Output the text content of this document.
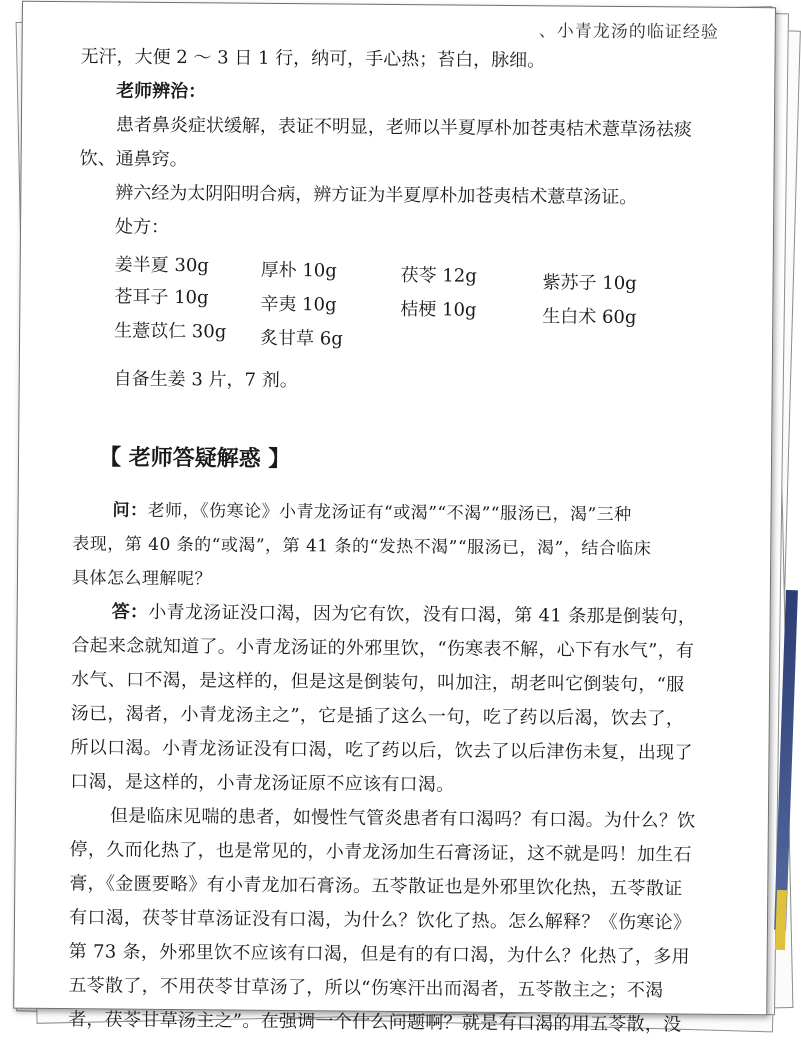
、小青龙汤的临证经验
无汗，大便 2 ～ 3 日 1 行，纳可，手心热；苔白，脉细。
老师辨治：
患者鼻炎症状缓解，表证不明显，老师以半夏厚朴加苍夷桔术薏草汤祛痰
饮、通鼻窍。
辨六经为太阴阳明合病，辨方证为半夏厚朴加苍夷桔术薏草汤证。
处方：
姜半夏 30g	厚朴 10g	茯苓 12g	紫苏子 10g
苍耳子 10g	辛夷 10g	桔梗 10g	生白术 60g
生薏苡仁 30g 炙甘草 6g
自备生姜 3 片，7 剂。
【 老师答疑解惑 】
问：老师，《伤寒论》小青龙汤证有“或渴”“不渴”“服汤已，渴”三种
表现，第 40 条的“或渴”，第 41 条的“发热不渴”“服汤已，渴”，结合临床
具体怎么理解呢？
答：小青龙汤证没口渴，因为它有饮，没有口渴，第 41 条那是倒装句，
合起来念就知道了。小青龙汤证的外邪里饮，“伤寒表不解，心下有水气”，有
水气、口不渴，是这样的，但是这是倒装句，叫加注，胡老叫它倒装句，“服
汤已，渴者，小青龙汤主之”，它是插了这么一句，吃了药以后渴，饮去了，
所以口渴。小青龙汤证没有口渴，吃了药以后，饮去了以后津伤未复，出现了
口渴，是这样的，小青龙汤证原不应该有口渴。
但是临床见喘的患者，如慢性气管炎患者有口渴吗？有口渴。为什么？饮
停，久而化热了，也是常见的，小青龙汤加生石膏汤证，这不就是吗！加生石
膏，《金匮要略》有小青龙加石膏汤。五苓散证也是外邪里饮化热，五苓散证
有口渴，茯苓甘草汤证没有口渴，为什么？饮化了热。怎么解释？《伤寒论》
第 73 条，外邪里饮不应该有口渴，但是有的有口渴，为什么？化热了，多用
五苓散了，不用茯苓甘草汤了，所以“伤寒汗出而渴者，五苓散主之；不渴
者，茯苓甘草汤主之”。在强调一个什么问题啊？就是有口渴的用五苓散，没
